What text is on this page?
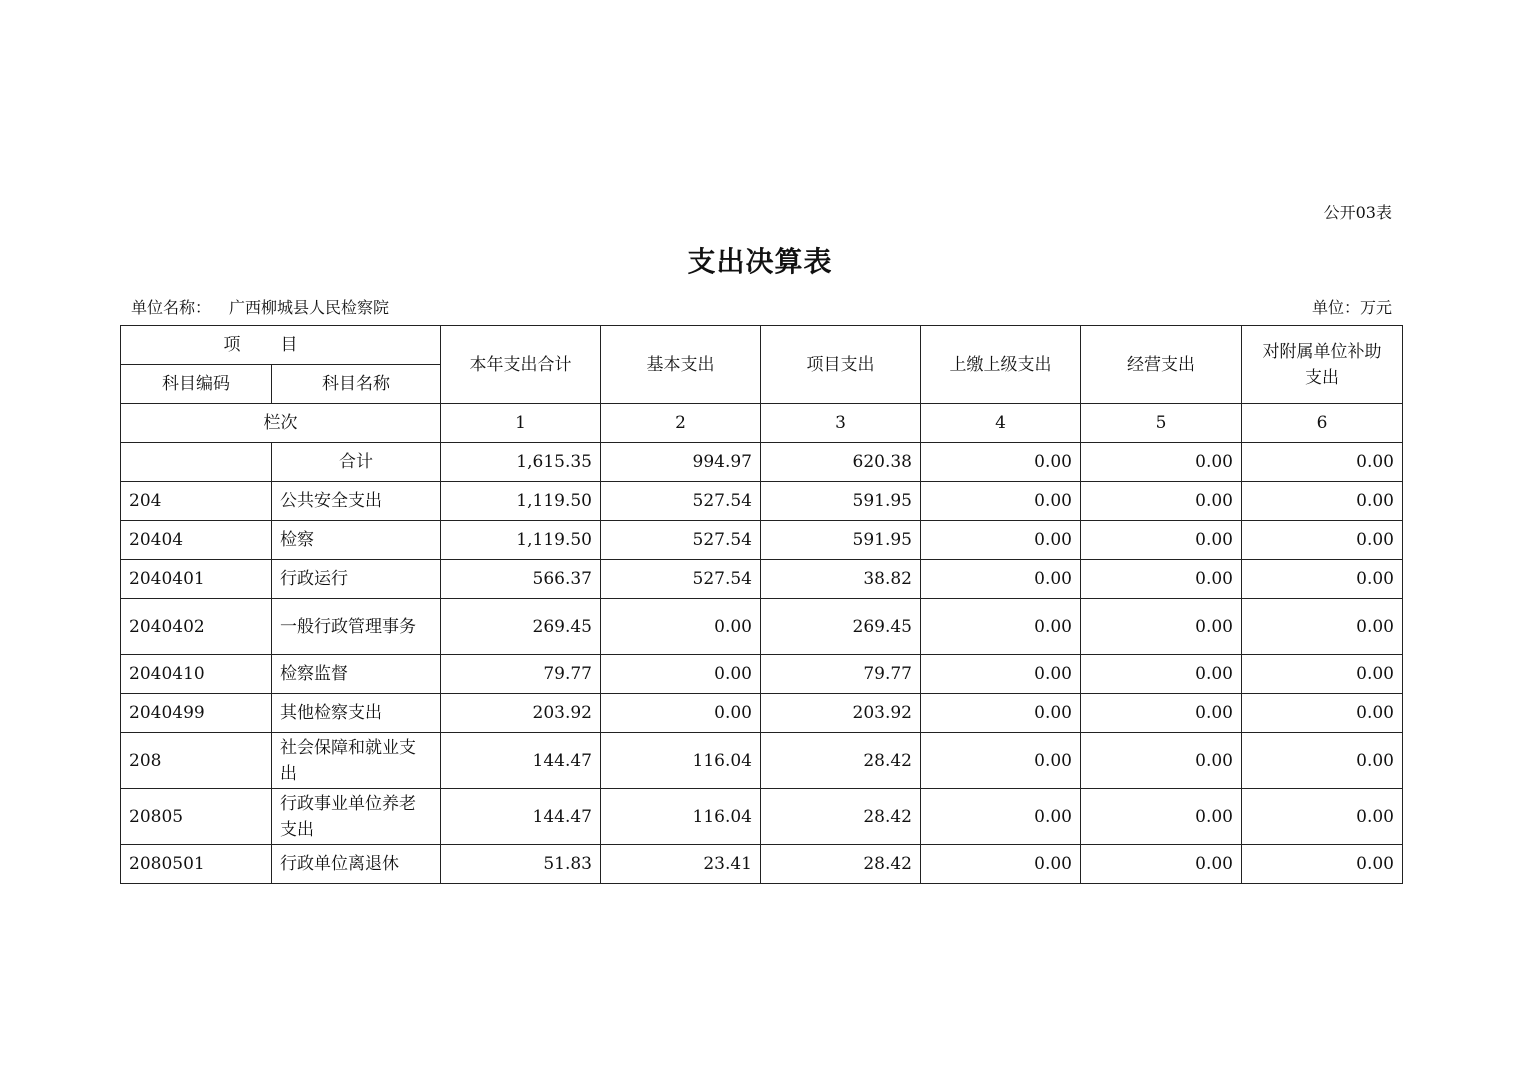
公开03表
支出决算表
单位名称： 广西柳城县人民检察院	单位：万元
项目		本年支出合计	基本支出	项目支出	上缴上级支出	经营支出	对附属单位补助支出
科目编码	科目名称						
栏次		1	2	3	4	5	6
	合计	1,615.35	994.97	620.38	0.00	0.00	0.00
204	公共安全支出	1,119.50	527.54	591.95	0.00	0.00	0.00
20404	检察	1,119.50	527.54	591.95	0.00	0.00	0.00
2040401	行政运行	566.37	527.54	38.82	0.00	0.00	0.00
2040402	一般行政管理事务	269.45	0.00	269.45	0.00	0.00	0.00
2040410	检察监督	79.77	0.00	79.77	0.00	0.00	0.00
2040499	其他检察支出	203.92	0.00	203.92	0.00	0.00	0.00
208	社会保障和就业支出	144.47	116.04	28.42	0.00	0.00	0.00
20805	行政事业单位养老支出	144.47	116.04	28.42	0.00	0.00	0.00
2080501	行政单位离退休	51.83	23.41	28.42	0.00	0.00	0.00
